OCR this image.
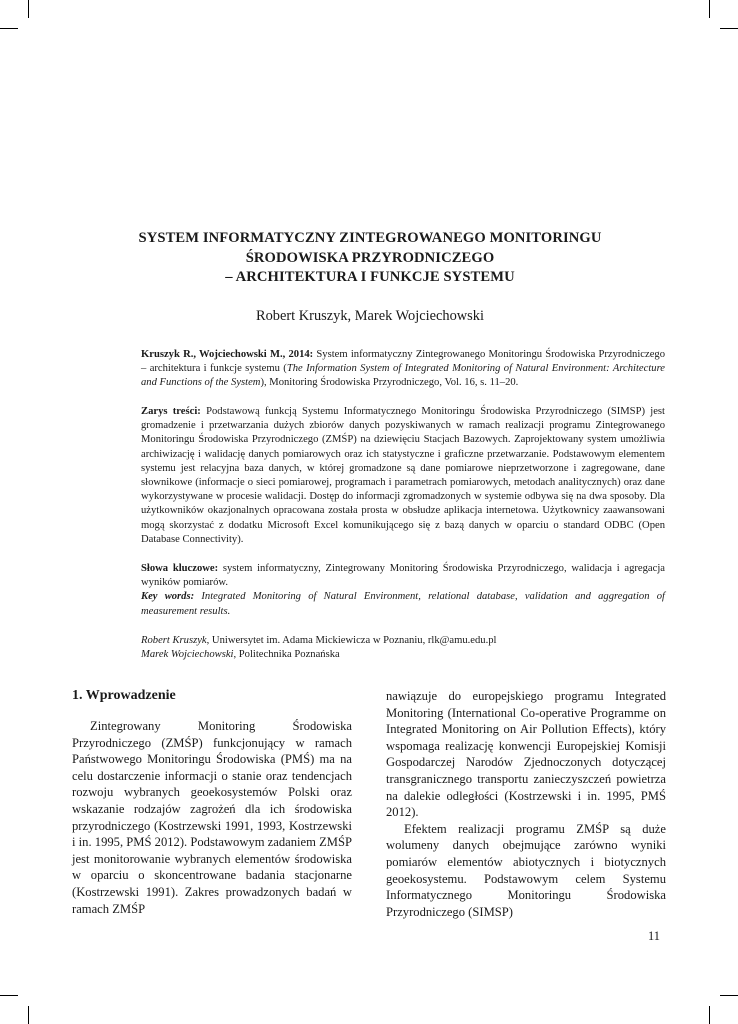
SYSTEM INFORMATYCZNY ZINTEGROWANEGO MONITORINGU
ŚRODOWISKA PRZYRODNICZEGO
– ARCHITEKTURA I FUNKCJE SYSTEMU
Robert Kruszyk, Marek Wojciechowski

Kruszyk R., Wojciechowski M., 2014: System informatyczny Zintegrowanego Monitoringu Środowiska Przyrodniczego – architektura i funkcje systemu (The Information System of Integrated Monitoring of Natural Environment: Architecture and Functions of the System), Monitoring Środowiska Przyrodniczego, Vol. 16, s. 11–20.

Zarys treści: Podstawową funkcją Systemu Informatycznego Monitoringu Środowiska Przyrodniczego (SIMSP) jest gromadzenie i przetwarzania dużych zbiorów danych pozyskiwanych w ramach realizacji programu Zintegrowanego Monitoringu Środowiska Przyrodniczego (ZMŚP) na dziewięciu Stacjach Bazowych. Zaprojektowany system umożliwia archiwizację i walidację danych pomiarowych oraz ich statystyczne i graficzne przetwarzanie. Podstawowym elementem systemu jest relacyjna baza danych, w której gromadzone są dane pomiarowe nieprzetworzone i zagregowane, dane słownikowe (informacje o sieci pomiarowej, programach i parametrach pomiarowych, metodach analitycznych) oraz dane wykorzystywane w procesie walidacji. Dostęp do informacji zgromadzonych w systemie odbywa się na dwa sposoby. Dla użytkowników okazjonalnych opracowana została prosta w obsłudze aplikacja internetowa. Użytkownicy zaawansowani mogą skorzystać z dodatku Microsoft Excel komunikującego się z bazą danych w oparciu o standard ODBC (Open Database Connectivity).

Słowa kluczowe: system informatyczny, Zintegrowany Monitoring Środowiska Przyrodniczego, walidacja i agregacja wyników pomiarów.

Key words: Integrated Monitoring of Natural Environment, relational database, validation and aggregation of measurement results.

Robert Kruszyk, Uniwersytet im. Adama Mickiewicza w Poznaniu, rlk@amu.edu.pl

Marek Wojciechowski, Politechnika Poznańska

1. Wprowadzenie

Zintegrowany Monitoring Środowiska Przyrodniczego (ZMŚP) funkcjonujący w ramach Państwowego Monitoringu Środowiska (PMŚ) ma na celu dostarczenie informacji o stanie oraz tendencjach rozwoju wybranych geoekosystemów Polski oraz wskazanie rodzajów zagrożeń dla ich środowiska przyrodniczego (Kostrzewski 1991, 1993, Kostrzewski i in. 1995, PMŚ 2012). Podstawowym zadaniem ZMŚP jest monitorowanie wybranych elementów środowiska w oparciu o skoncentrowane badania stacjonarne (Kostrzewski 1991). Zakres prowadzonych badań w ramach ZMŚP

nawiązuje do europejskiego programu Integrated Monitoring (International Co-operative Programme on Integrated Monitoring on Air Pollution Effects), który wspomaga realizację konwencji Europejskiej Komisji Gospodarczej Narodów Zjednoczonych dotyczącej transgranicznego transportu zanieczyszczeń powietrza na dalekie odległości (Kostrzewski i in. 1995, PMŚ 2012).

Efektem realizacji programu ZMŚP są duże wolumeny danych obejmujące zarówno wyniki pomiarów elementów abiotycznych i biotycznych geoekosystemu. Podstawowym celem Systemu Informatycznego Monitoringu Środowiska Przyrodniczego (SIMSP)

11
